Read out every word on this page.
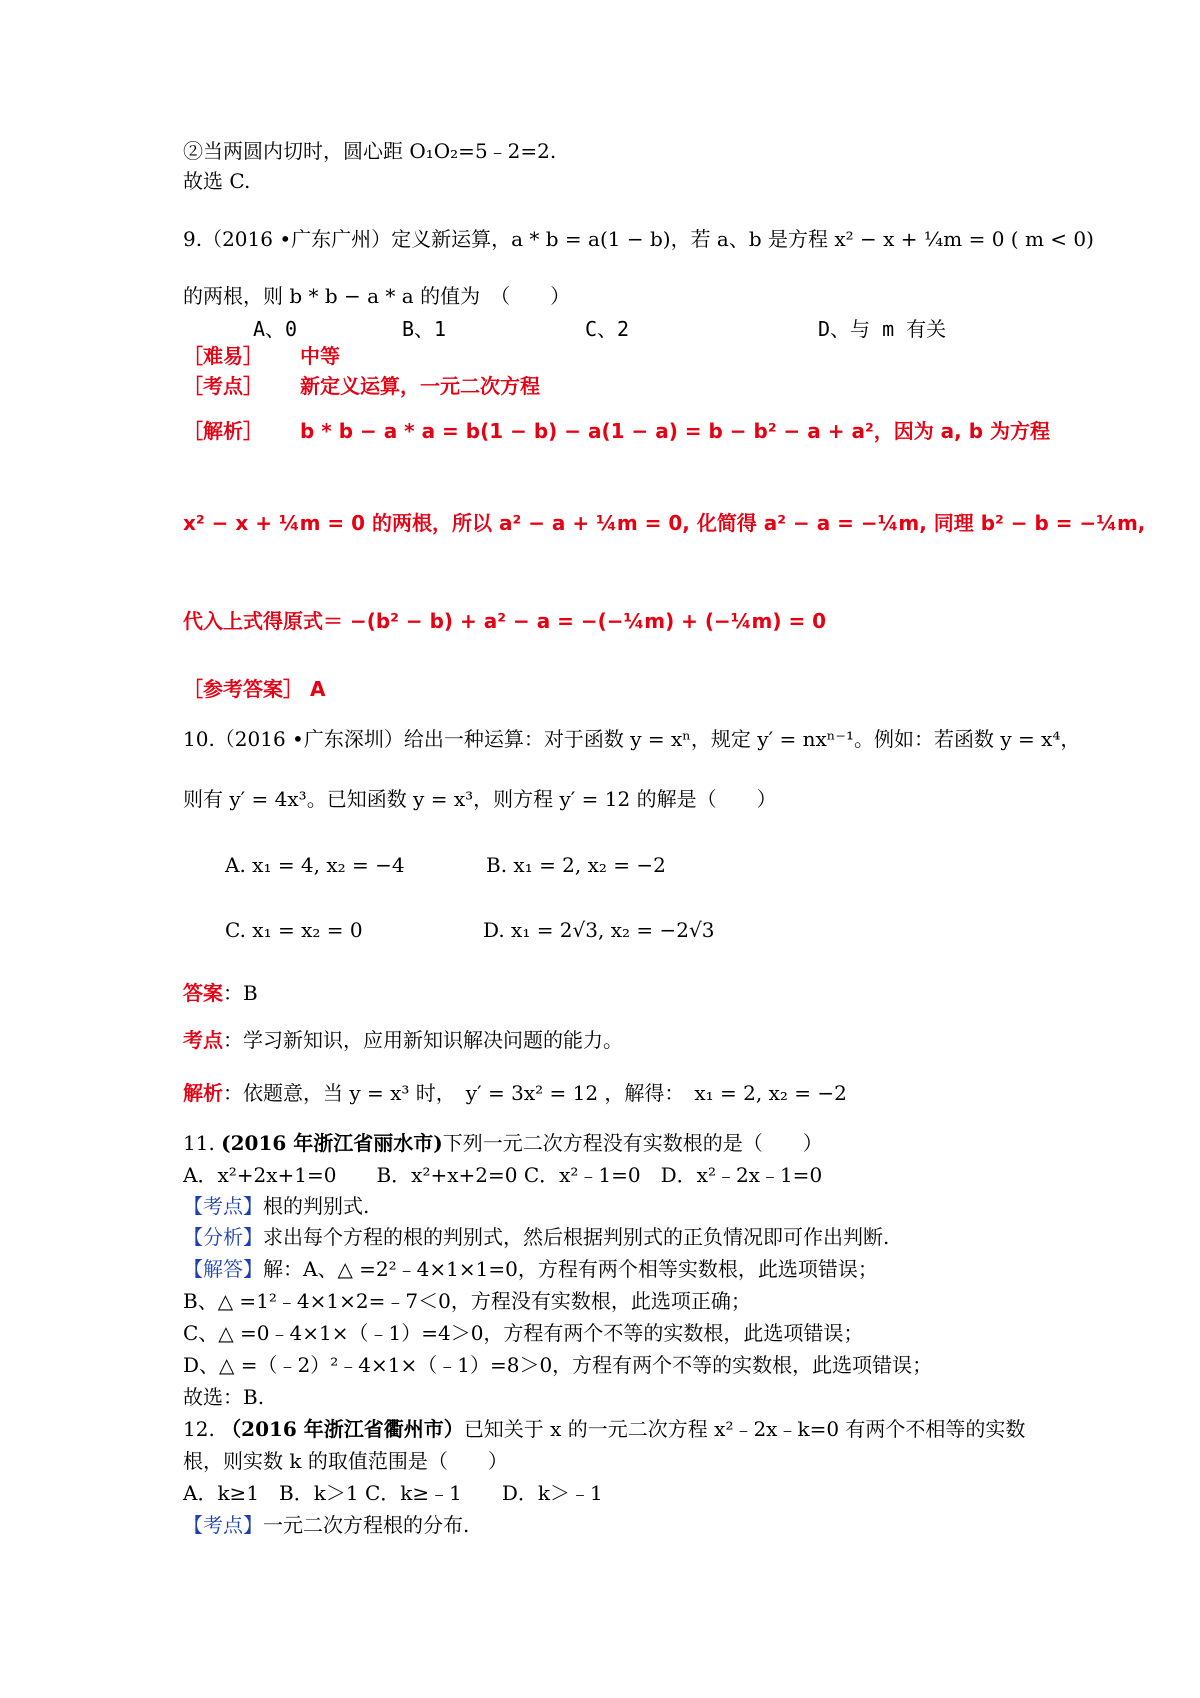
②当两圆内切时，圆心距 O₁O₂=5﹣2=2.
故选 C.
9.（2016 •广东广州）定义新运算，a * b = a(1 − b)，若 a、b 是方程 x² − x + ¼m = 0 ( m < 0)
的两根，则 b * b − a * a 的值为　（　　）
A、0	B、1	C、2	D、与 m 有关
［难易］ 中等
［考点］ 新定义运算，一元二次方程
［解析］ b * b − a * a = b(1 − b) − a(1 − a) = b − b² − a + a²，因为 a, b 为方程
x² − x + ¼m = 0 的两根，所以 a² − a + ¼m = 0, 化简得 a² − a = −¼m, 同理 b² − b = −¼m,
代入上式得原式＝ −(b² − b) + a² − a = −(−¼m) + (−¼m) = 0
［参考答案］ A
10.（2016 •广东深圳）给出一种运算：对于函数 y = xⁿ，规定 y′ = nxⁿ⁻¹。例如：若函数 y = x⁴，
则有 y′ = 4x³。已知函数 y = x³，则方程 y′ = 12 的解是（　　）
A. x₁ = 4, x₂ = −4	B. x₁ = 2, x₂ = −2
C. x₁ = x₂ = 0	D. x₁ = 2√3, x₂ = −2√3
答案：B
考点：学习新知识，应用新知识解决问题的能力。
解析：依题意，当 y = x³ 时，　y′ = 3x² = 12 ，解得：　x₁ = 2, x₂ = −2
11. (2016 年浙江省丽水市)下列一元二次方程没有实数根的是（　　）
A．x²+2x+1=0　　B．x²+x+2=0 C．x²﹣1=0　D．x²﹣2x﹣1=0
【考点】根的判别式.
【分析】求出每个方程的根的判别式，然后根据判别式的正负情况即可作出判断.
【解答】解：A、△ =2²﹣4×1×1=0，方程有两个相等实数根，此选项错误；
B、△ =1²﹣4×1×2=﹣7＜0，方程没有实数根，此选项正确；
C、△ =0﹣4×1×（﹣1）=4＞0，方程有两个不等的实数根，此选项错误；
D、△ =（﹣2）²﹣4×1×（﹣1）=8＞0，方程有两个不等的实数根，此选项错误；
故选：B.
12. （2016 年浙江省衢州市）已知关于 x 的一元二次方程 x²﹣2x﹣k=0 有两个不相等的实数
根，则实数 k 的取值范围是（　　）
A．k≥1　B．k＞1 C．k≥﹣1　　D．k＞﹣1
【考点】一元二次方程根的分布.
